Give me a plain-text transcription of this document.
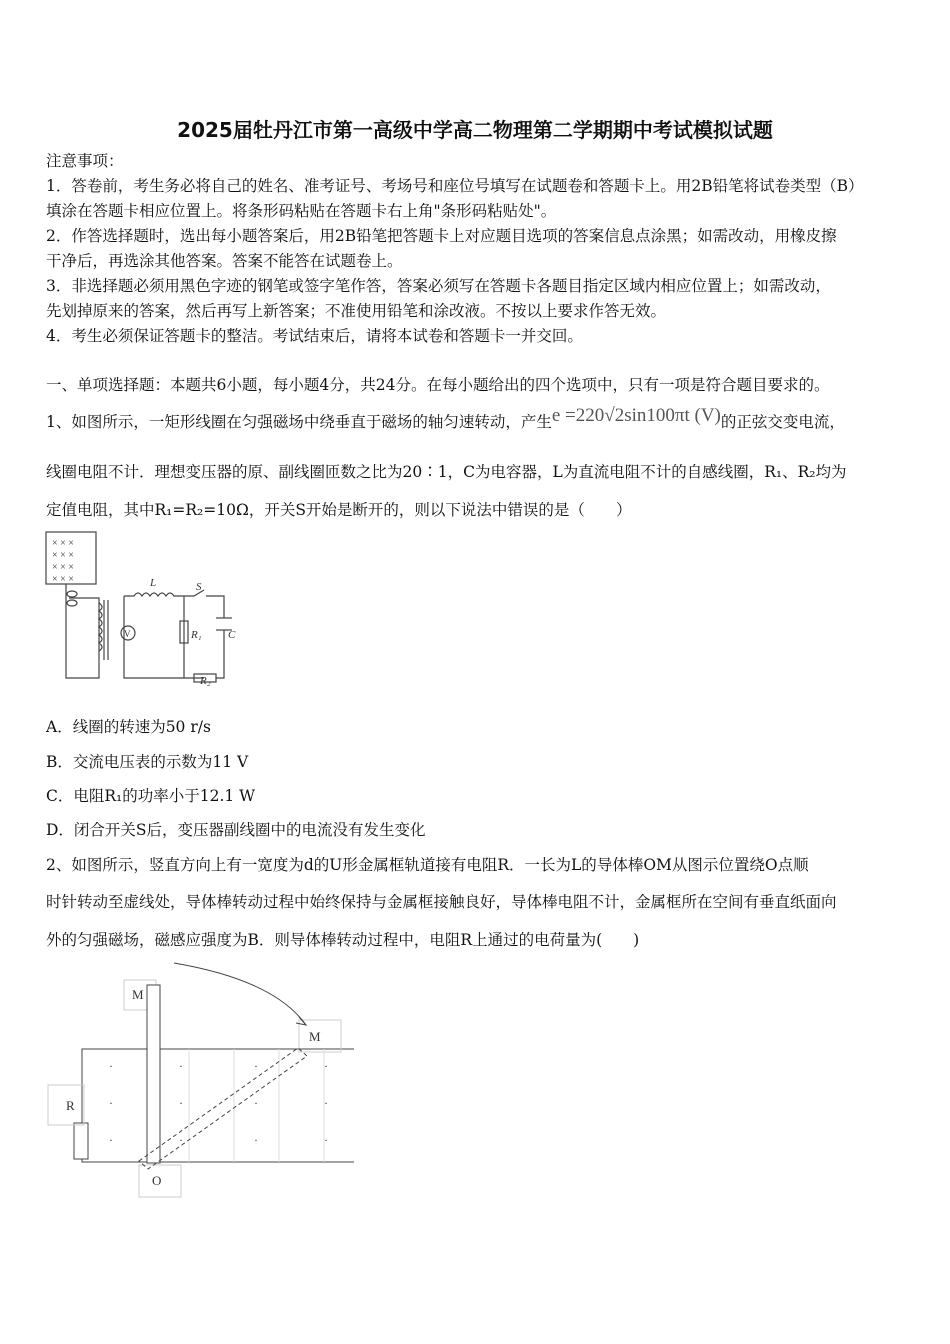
2025届牡丹江市第一高级中学高二物理第二学期期中考试模拟试题
注意事项：
1．答卷前，考生务必将自己的姓名、准考证号、考场号和座位号填写在试题卷和答题卡上。用2B铅笔将试卷类型（B）
填涂在答题卡相应位置上。将条形码粘贴在答题卡右上角"条形码粘贴处"。
2．作答选择题时，选出每小题答案后，用2B铅笔把答题卡上对应题目选项的答案信息点涂黑；如需改动，用橡皮擦
干净后，再选涂其他答案。答案不能答在试题卷上。
3．非选择题必须用黑色字迹的钢笔或签字笔作答，答案必须写在答题卡各题目指定区域内相应位置上；如需改动，
先划掉原来的答案，然后再写上新答案；不准使用铅笔和涂改液。不按以上要求作答无效。
4．考生必须保证答题卡的整洁。考试结束后，请将本试卷和答题卡一并交回。
一、单项选择题：本题共6小题，每小题4分，共24分。在每小题给出的四个选项中，只有一项是符合题目要求的。
1、如图所示，一矩形线圈在匀强磁场中绕垂直于磁场的轴匀速转动，产生e =220√2sin100πt (V)的正弦交变电流，
线圈电阻不计．理想变压器的原、副线圈匝数之比为20∶1，C为电容器，L为直流电阻不计的自感线圈，R₁、R₂均为
定值电阻，其中R₁=R₂=10Ω，开关S开始是断开的，则以下说法中错误的是（　　）
× × ×
× × ×
× × ×
× × ×
V
L	S
R₁ C
R₂
A．线圈的转速为50 r/s
B．交流电压表的示数为11 V
C．电阻R₁的功率小于12.1 W
D．闭合开关S后，变压器副线圈中的电流没有发生变化
2、如图所示，竖直方向上有一宽度为d的U形金属框轨道接有电阻R．一长为L的导体棒OM从图示位置绕O点顺
时针转动至虚线处，导体棒转动过程中始终保持与金属框接触良好，导体棒电阻不计，金属框所在空间有垂直纸面向
外的匀强磁场，磁感应强度为B．则导体棒转动过程中，电阻R上通过的电荷量为(　　)
R
M
M
O
·	·	·	·
·	·	·	·
·	·	·	·
